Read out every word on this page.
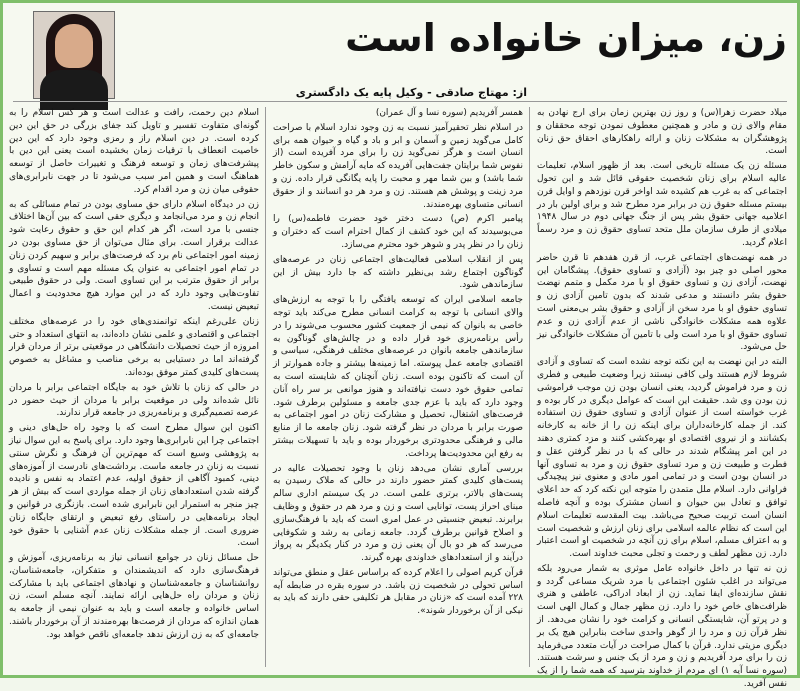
زن، میزان خانواده است
از: مهتاج صادقی - وکیل پایه یک دادگستری

میلاد حضرت زهرا(س) و روز زن بهترین زمان برای ارج نهادن به مقام والای زن و مادر و همچنین معطوف نمودن توجه محققان و پژوهشگران به مشکلات زنان و ارائه راهکارهای احقاق حق زنان است.

مسئله زن یک مسئله تاریخی است. بعد از ظهور اسلام، تعلیمات عالیه اسلام برای زنان شخصیت حقوقی قائل شد و این تحول اجتماعی که به غرب هم کشیده شد اواخر قرن نوزدهم و اوایل قرن بیستم مسئله حقوق زن در برابر مرد مطرح شد و برای اولین بار در اعلامیه جهانی حقوق بشر پس از جنگ جهانی دوم در سال ۱۹۴۸ میلادی از طرف سازمان ملل متحد تساوی حقوق زن و مرد رسماً اعلام گردید.

در همه نهضت‌های اجتماعی غرب، از قرن هفدهم تا قرن حاضر محور اصلی دو چیز بود (آزادی و تساوی حقوق). پیشگامان این نهضت، آزادی زن و تساوی حقوق او با مرد مکمل و متمم نهضت حقوق بشر دانستند و مدعی شدند که بدون تامین آزادی زن و تساوی حقوق او با مرد سخن از آزادی و حقوق بشر بی‌معنی است علاوه همه مشکلات خانوادگی ناشی از عدم آزادی زن و عدم تساوی حقوق او با مرد است ولی با تامین آن مشکلات خانوادگی نیز حل می‌شود.

البته در این نهضت به این نکته توجه نشده است که تساوی و آزادی شروط لازم هستند ولی کافی نیستند زیرا وضعیت طبیعی و فطری زن و مرد فراموش گردید، یعنی انسان بودن زن موجب فراموشی زن بودن وی شد. حقیقت این است که عوامل دیگری در کار بوده و غرب خواسته است از عنوان آزادی و تساوی حقوق زن استفاده کند. از جمله کارخانه‌داران برای اینکه زن را از خانه به کارخانه بکشانند و از نیروی اقتصادی او بهره‌کشی کنند و مزد کمتری دهند در این امر پیشگام شدند در حالی که با در نظر گرفتن عقل و فطرت و طبیعت زن و مرد تساوی حقوق زن و مرد به تساوی آنها در انسان بودن است و در تمامی امور مادی و معنوی نیز پیچیدگی فراوانی دارد. اسلام ملل متمدن را متوجه این نکته کرد که حد اعلای توافق و تعادل بین حیوان و انسان مشترک بوده و آنچه فاصله انسان است تربیت صحیح می‌باشد. بیت المقدسه تعلیمات اسلام این است که نظام عالمه اسلامی برای زنان ارزش و شخصیت است و به اعتراف مسلم، اسلام برای زن آنچه در شخصیت او است اعتبار دارد. زن مظهر لطف و رحمت و تجلی محبت خداوند است.

زن نه تنها در داخل خانواده عامل موثری به شمار می‌رود بلکه می‌تواند در اغلب شئون اجتماعی با مرد شریک مساعی گردد و نقش سازنده‌ای ایفا نماید. زن از ابعاد ادراکی، عاطفی و هنری ظرافت‌های خاص خود را دارد. زن مظهر جمال و کمال الهی است و در پرتو آن، شایستگی انسانی و کرامت خود را نشان می‌دهد. از نظر قرآن زن و مرد را از گوهر واحدی ساخت بنابراین هیچ یک بر دیگری مزیتی ندارد. قرآن با کمال صراحت در آیات متعدد می‌فرماید زن را برای مرد آفریدیم و زن و مرد از یک جنس و سرشت هستند. (سوره نسا آیه ۱) ای مردم از خداوند بترسید که همه شما را از یک نفس آفرید.

همسر آفریدیم (سوره نسا و آل عمران)

در اسلام نظر تحقیرآمیز نسبت به زن وجود ندارد اسلام با صراحت کامل می‌گوید زمین و آسمان و ابر و باد و گیاه و حیوان همه برای انسان است و هرگز نمی‌گوید زن را برای مرد آفریده است (از نفوس شما برایتان جفت‌هایی آفریده که مایه آرامش و سکون خاطر شما باشد) و بین شما مهر و محبت را پایه یگانگی قرار داده. زن و مرد زینت و پوشش هم هستند. زن و مرد هر دو انسانند و از حقوق انسانی متساوی بهره‌مندند.

پیامبر اکرم (ص) دست دختر خود حضرت فاطمه(س) را می‌بوسیدند که این خود کشف از کمال احترام است که دختران و زنان را در نظر پدر و شوهر خود محترم می‌سازد.

پس از انقلاب اسلامی فعالیت‌های اجتماعی زنان در عرصه‌های گوناگون اجتماع رشد بی‌نظیر داشته که جا دارد بیش از این سازماندهی شود.

جامعه اسلامی ایران که توسعه یافتگی را با توجه به ارزش‌های والای انسانی با توجه به کرامت انسانی مطرح می‌کند باید توجه خاصی به بانوان که نیمی از جمعیت کشور محسوب می‌شوند را در رأس برنامه‌ریزی خود قرار داده و در چالش‌های گوناگون به سازماندهی جامعه بانوان در عرصه‌های مختلف فرهنگی، سیاسی و اقتصادی جامعه عمل پیوسته. اما زمینه‌ها بیشتر و جاده هموارتر از آن است که تاکنون بوده است. زنان آنچنان که شایسته است به تمامی حقوق خود دست نیافته‌اند و هنوز موانعی بر سر راه آنان وجود دارد که باید با عزم جدی جامعه و مسئولین برطرف شود. فرصت‌های اشتغال، تحصیل و مشارکت زنان در امور اجتماعی به صورت برابر با مردان در نظر گرفته شود. زنان جامعه ما از منابع مالی و فرهنگی محدودتری برخوردار بوده و باید با تسهیلات بیشتر به رفع این محدودیت‌ها پرداخت.

بررسی آماری نشان می‌دهد زنان با وجود تحصیلات عالیه در پست‌های کلیدی کمتر حضور دارند در حالی که ملاک رسیدن به پست‌های بالاتر، برتری علمی است. در یک سیستم اداری سالم مبنای احراز پست، توانایی است و زن و مرد هم در حقوق و وظایف برابرند. تبعیض جنسیتی در عمل امری است که باید با فرهنگ‌سازی و اصلاح قوانین برطرف گردد. جامعه زمانی به رشد و شکوفایی می‌رسد که هر دو بال آن یعنی زن و مرد در کنار یکدیگر به پرواز درآیند و از استعدادهای خداوندی بهره گیرند.

قرآن کریم اصولی را اعلام کرده که براساس عقل و منطق می‌تواند اساس تحولی در شخصیت زن باشد. در سوره بقره در ضابطه آیه ۲۲۸ آمده است که «زنان در مقابل هر تکلیفی حقی دارند که باید به نیکی از آن برخوردار شوند».

اسلام دین رحمت، رافت و عدالت است و هر کس اسلام را به گونه‌ای متفاوت تفسیر و تاویل کند جفای بزرگی در حق این دین کرده است. در دین اسلام راز و رمزی وجود دارد که این دین خاصیت انعطاف با ترقیات زمان بخشیده است یعنی این دین با پیشرفت‌های زمان و توسعه فرهنگ و تغییرات حاصل از توسعه هماهنگ است و همین امر سبب می‌شود تا در جهت نابرابری‌های حقوقی میان زن و مرد اقدام کرد.

زن در دیدگاه اسلام دارای حق مساوی بودن در تمام مسائلی که به انجام زن و مرد می‌انجامد و دیگری حقی است که بین آن‌ها اختلاف جنسی با مرد است، اگر هر کدام این حق و حقوق رعایت شود عدالت برقرار است. برای مثال می‌توان از حق مساوی بودن در زمینه امور اجتماعی نام برد که فرصت‌های برابر و سهیم کردن زنان در تمام امور اجتماعی به عنوان یک مسئله مهم است و تساوی و برابر از حقوق مترتب بر این تساوی است. ولی در حقوق طبیعی تفاوت‌هایی وجود دارد که در این موارد هیچ محدودیت و اعمال تبعیض نیست.

زنان علی‌رغم اینکه توانمندی‌های خود را در عرصه‌های مختلف اجتماعی و اقتصادی و علمی نشان داده‌اند، به انتهای استعداد و حتی امروزه از حیث تحصیلات دانشگاهی در موقعیتی برتر از مردان قرار گرفته‌اند اما در دستیابی به برخی مناصب و مشاغل به خصوص پست‌های کلیدی کمتر موفق بوده‌اند.

در حالی که زنان با تلاش خود به جایگاه اجتماعی برابر با مردان نائل شده‌اند ولی در موقعیت برابر با مردان از حیث حضور در عرصه تصمیم‌گیری و برنامه‌ریزی در جامعه قرار ندارند.

اکنون این سوال مطرح است که با وجود راه حل‌های دینی و اجتماعی چرا این نابرابری‌ها وجود دارد. برای پاسخ به این سوال نیاز به پژوهشی وسیع است که مهم‌ترین آن فرهنگ و نگرش سنتی نسبت به زنان در جامعه ماست. برداشت‌های نادرست از آموزه‌های دینی، کمبود آگاهی از حقوق اولیه، عدم اعتماد به نفس و نادیده گرفته شدن استعدادهای زنان از جمله مواردی است که بیش از هر چیز منجر به استمرار این نابرابری شده است. بازنگری در قوانین و ایجاد برنامه‌هایی در راستای رفع تبعیض و ارتقای جایگاه زنان ضروری است. از جمله مشکلات زنان عدم آشنایی با حقوق خود است.

حل مسائل زنان در جوامع انسانی نیاز به برنامه‌ریزی، آموزش و فرهنگ‌سازی دارد که اندیشمندان و متفکران، جامعه‌شناسان، روانشناسان و جامعه‌شناسان و نهادهای اجتماعی باید با مشارکت زنان و مردان راه حل‌هایی ارائه نمایند. آنچه مسلم است، زن اساس خانواده و جامعه است و باید به عنوان نیمی از جامعه به همان اندازه که مردان از فرصت‌ها بهره‌مندند از آن برخوردار باشند. جامعه‌ای که به زن ارزش ندهد جامعه‌ای ناقص خواهد بود.
